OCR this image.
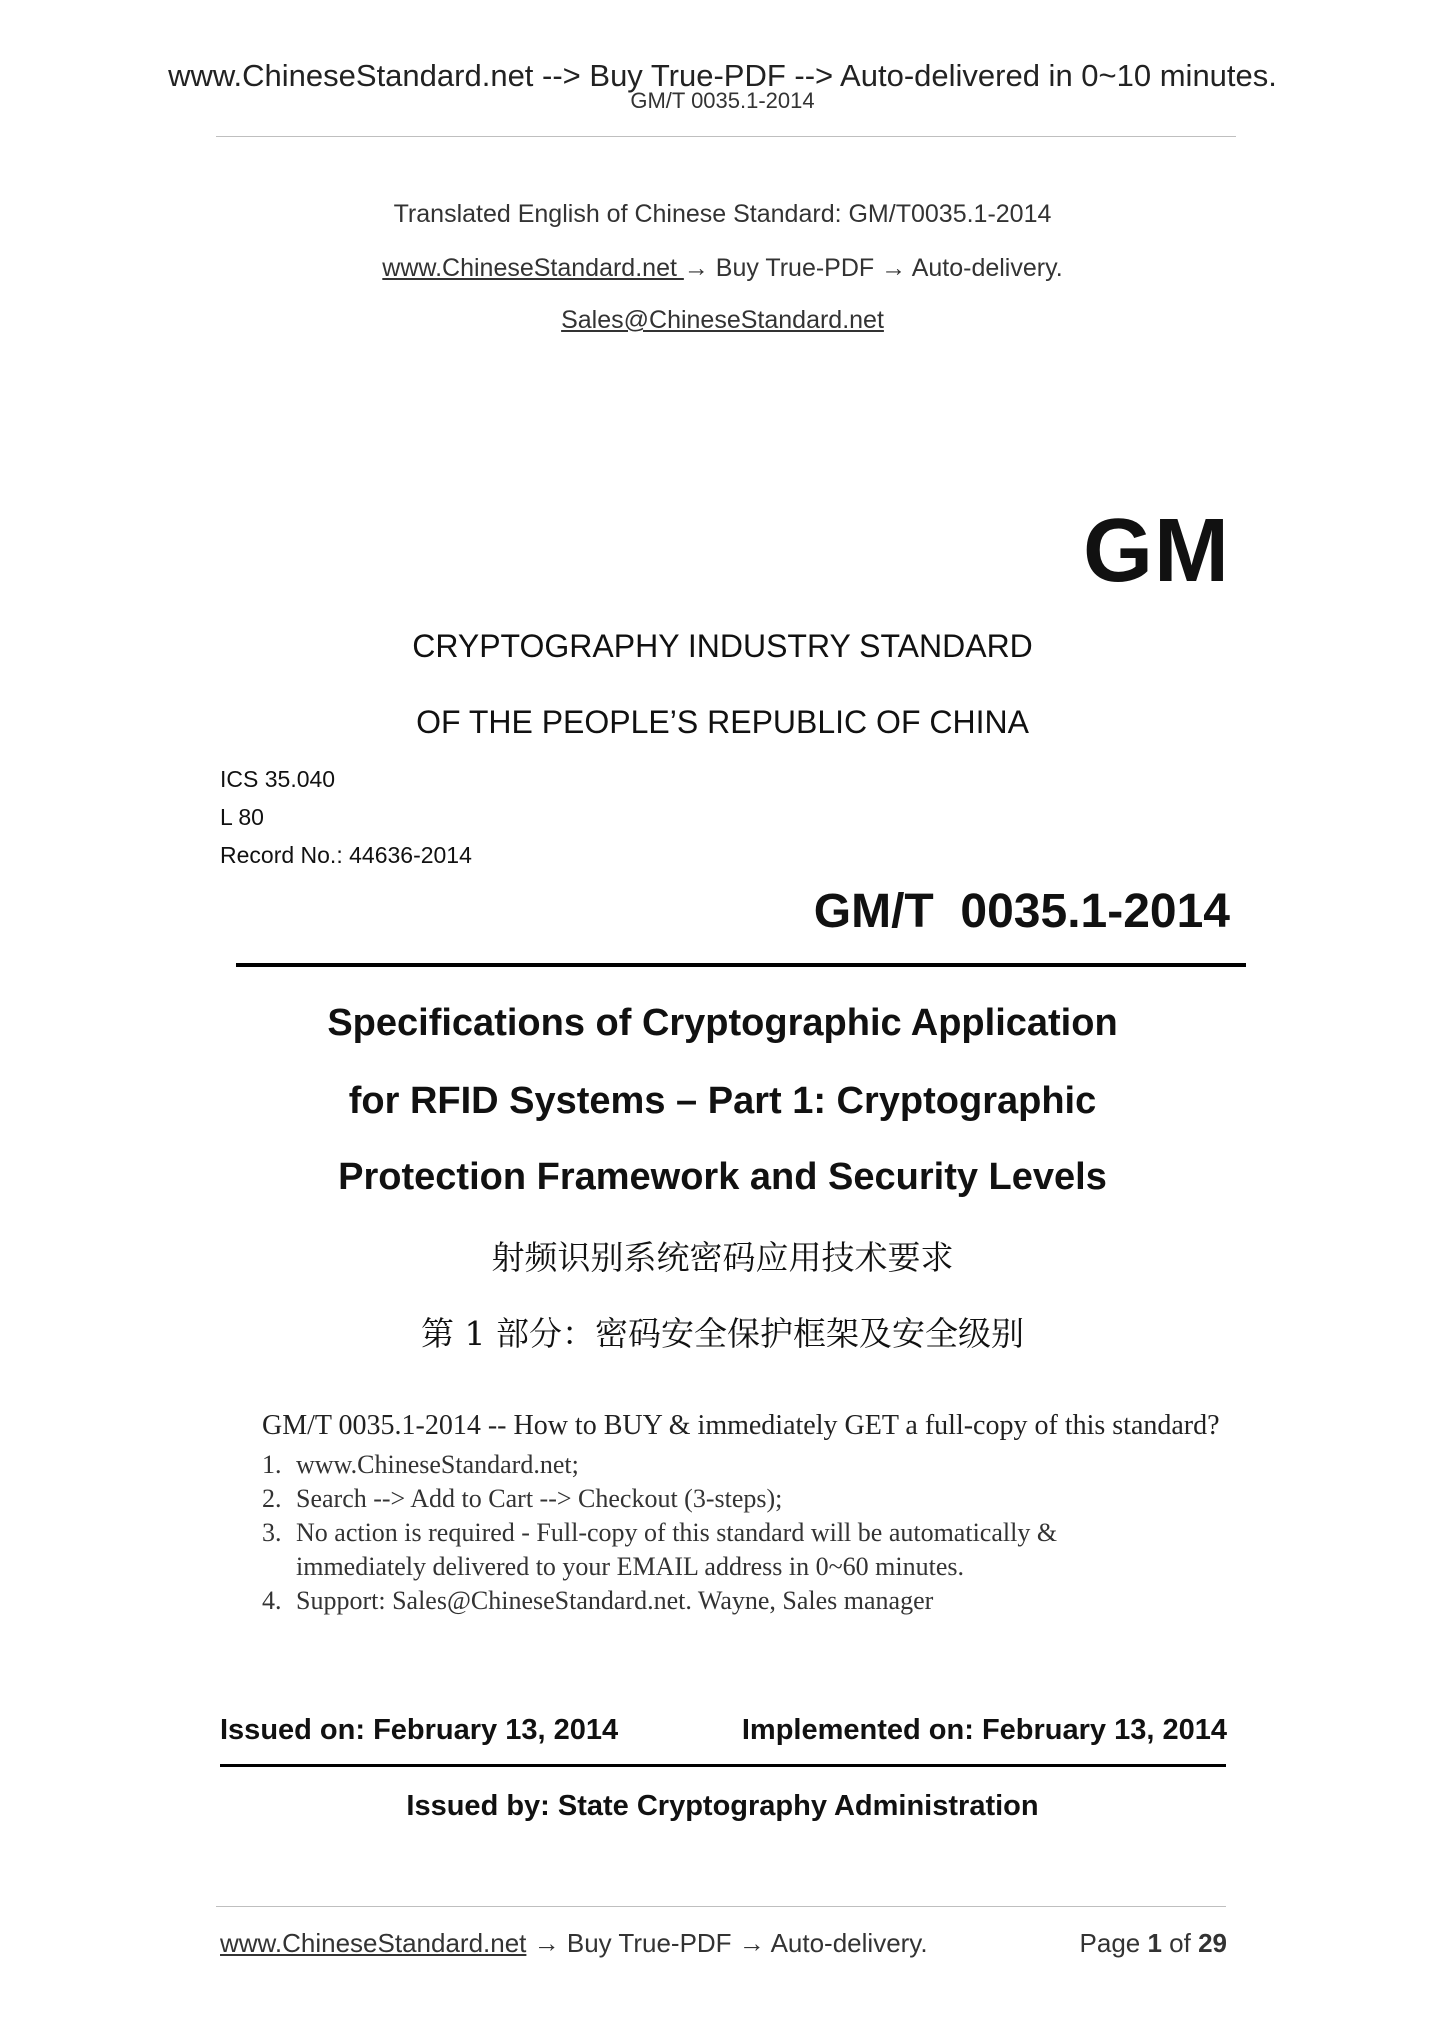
www.ChineseStandard.net --> Buy True-PDF --> Auto-delivered in 0~10 minutes.
GM/T 0035.1-2014
Translated English of Chinese Standard: GM/T0035.1-2014
www.ChineseStandard.net → Buy True-PDF → Auto-delivery.
Sales@ChineseStandard.net
GM
CRYPTOGRAPHY INDUSTRY STANDARD
OF THE PEOPLE’S REPUBLIC OF CHINA
ICS 35.040
L 80
Record No.: 44636-2014
GM/T  0035.1-2014
Specifications of Cryptographic Application
for RFID Systems – Part 1: Cryptographic
Protection Framework and Security Levels
射频识别系统密码应用技术要求
第 1 部分：密码安全保护框架及安全级别
GM/T 0035.1-2014 -- How to BUY & immediately GET a full-copy of this standard?
1. www.ChineseStandard.net;
2. Search --> Add to Cart --> Checkout (3-steps);
3. No action is required - Full-copy of this standard will be automatically & immediately delivered to your EMAIL address in 0~60 minutes.
4. Support: Sales@ChineseStandard.net. Wayne, Sales manager
Issued on: February 13, 2014	Implemented on: February 13, 2014
Issued by: State Cryptography Administration
www.ChineseStandard.net → Buy True-PDF → Auto-delivery.	Page 1 of 29
